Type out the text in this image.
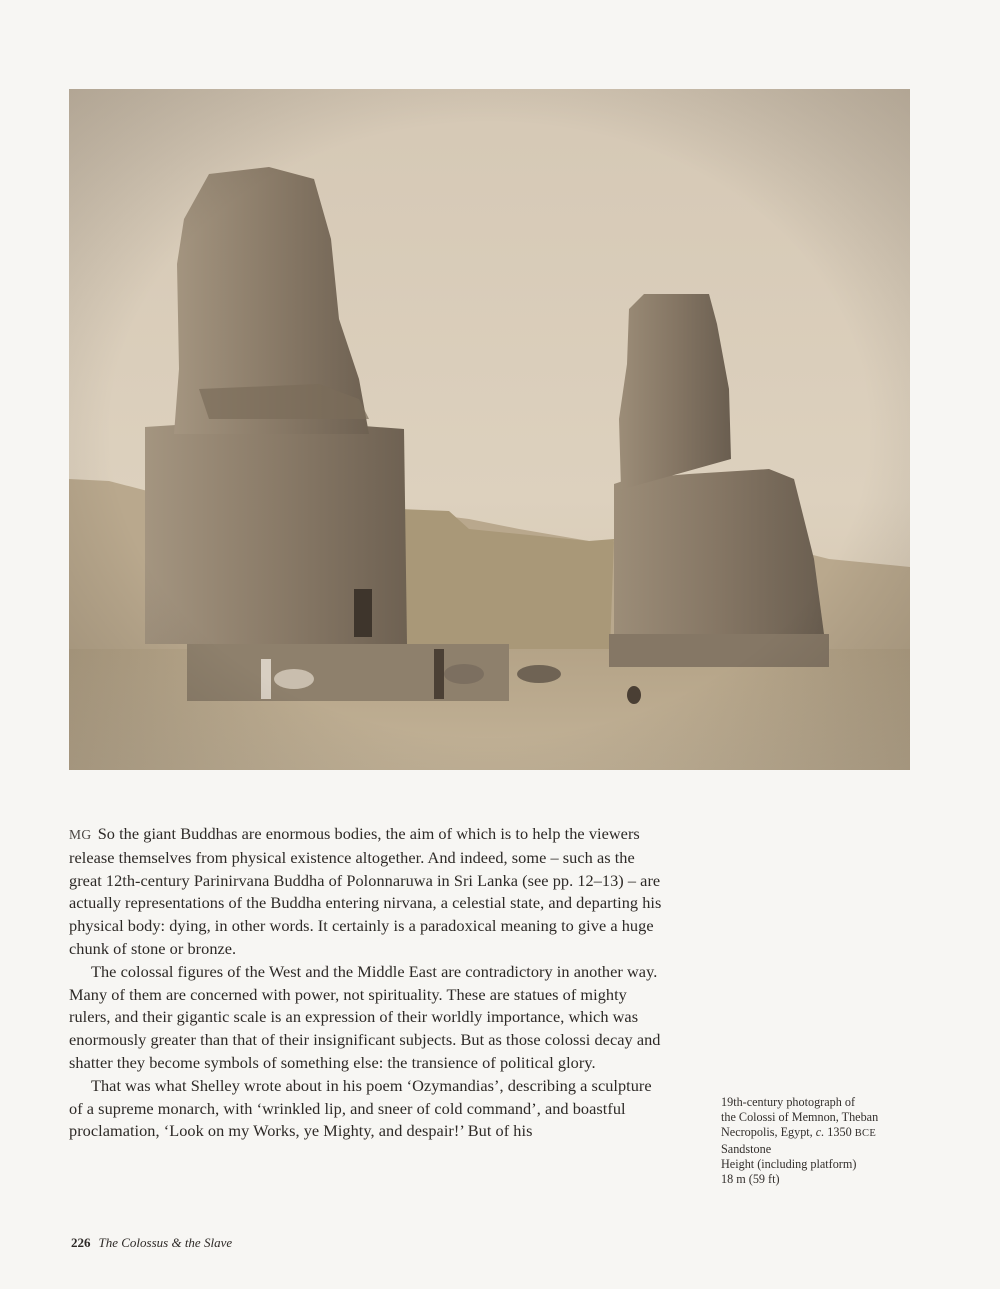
MG So the giant Buddhas are enormous bodies, the aim of which is to help the viewers release themselves from physical existence altogether. And indeed, some – such as the great 12th-century Parinirvana Buddha of Polonnaruwa in Sri Lanka (see pp. 12–13) – are actually representations of the Buddha entering nirvana, a celestial state, and departing his physical body: dying, in other words. It certainly is a paradoxical meaning to give a huge chunk of stone or bronze.

The colossal figures of the West and the Middle East are contradictory in another way. Many of them are concerned with power, not spirituality. These are statues of mighty rulers, and their gigantic scale is an expression of their worldly importance, which was enormously greater than that of their insignificant subjects. But as those colossi decay and shatter they become symbols of something else: the transience of political glory.

That was what Shelley wrote about in his poem ‘Ozymandias’, describing a sculpture of a supreme monarch, with ‘wrinkled lip, and sneer of cold command’, and boastful proclamation, ‘Look on my Works, ye Mighty, and despair!’ But of his

19th-century photograph of
the Colossi of Memnon, Theban
Necropolis, Egypt, c. 1350 BCE
Sandstone
Height (including platform)
18 m (59 ft)
226 The Colossus & the Slave
